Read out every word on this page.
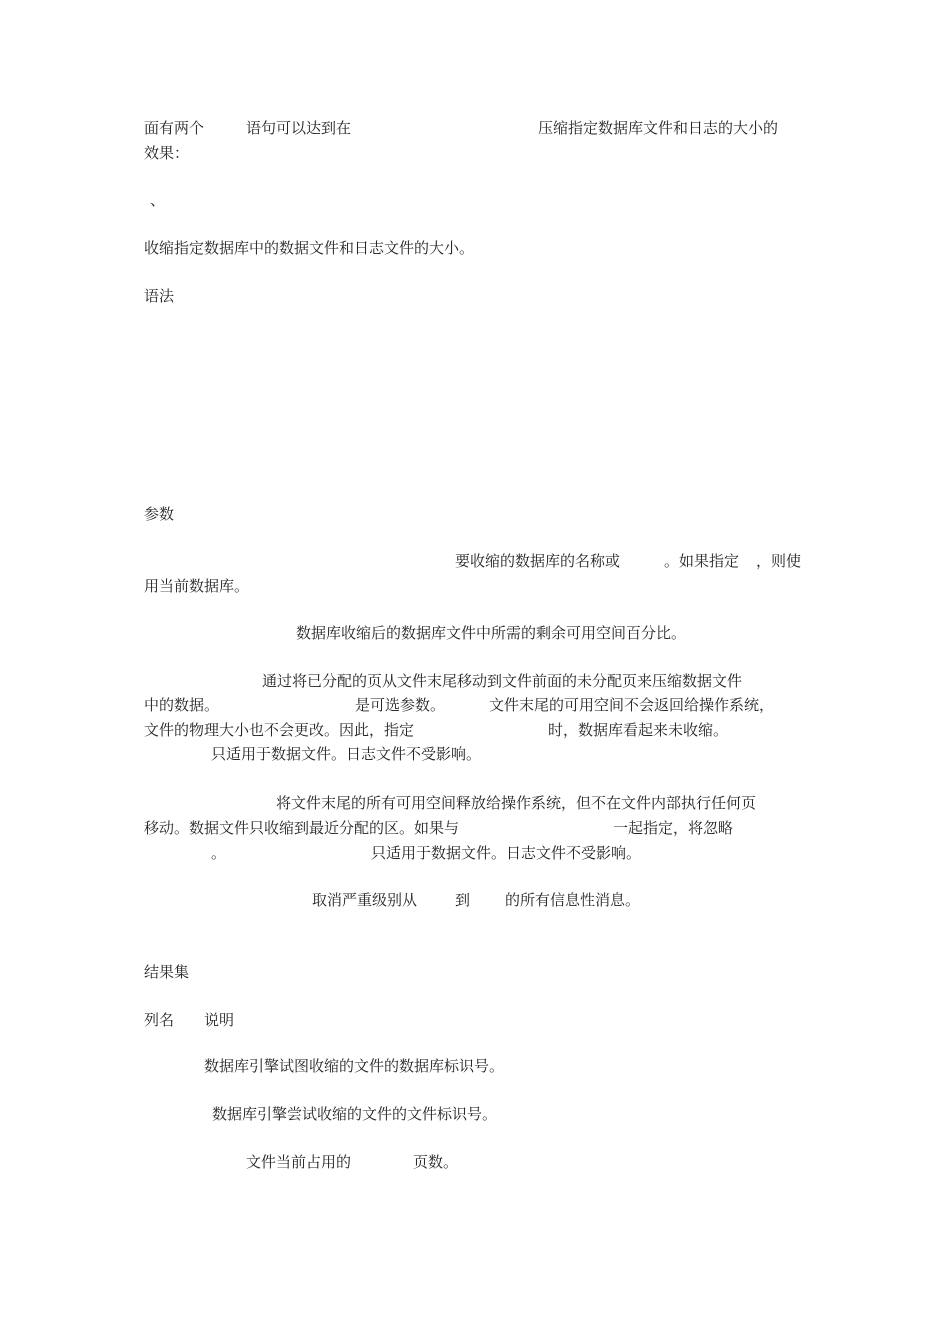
面有两个	语句可以达到在	压缩指定数据库文件和日志的大小的
效果：
、
收缩指定数据库中的数据文件和日志文件的大小。
语法
参数
要收缩的数据库的名称或	。如果指定 ，则使
用当前数据库。
数据库收缩后的数据库文件中所需的剩余可用空间百分比。
通过将已分配的页从文件末尾移动到文件前面的未分配页来压缩数据文件
中的数据。	是可选参数。	文件末尾的可用空间不会返回给操作系统，
文件的物理大小也不会更改。因此，指定	时，数据库看起来未收缩。
只适用于数据文件。日志文件不受影响。
将文件末尾的所有可用空间释放给操作系统，但不在文件内部执行任何页
移动。数据文件只收缩到最近分配的区。如果与	一起指定，将忽略
。	只适用于数据文件。日志文件不受影响。
取消严重级别从	到 的所有信息性消息。
结果集
列名 说明
数据库引擎试图收缩的文件的数据库标识号。
数据库引擎尝试收缩的文件的文件标识号。
文件当前占用的	页数。
